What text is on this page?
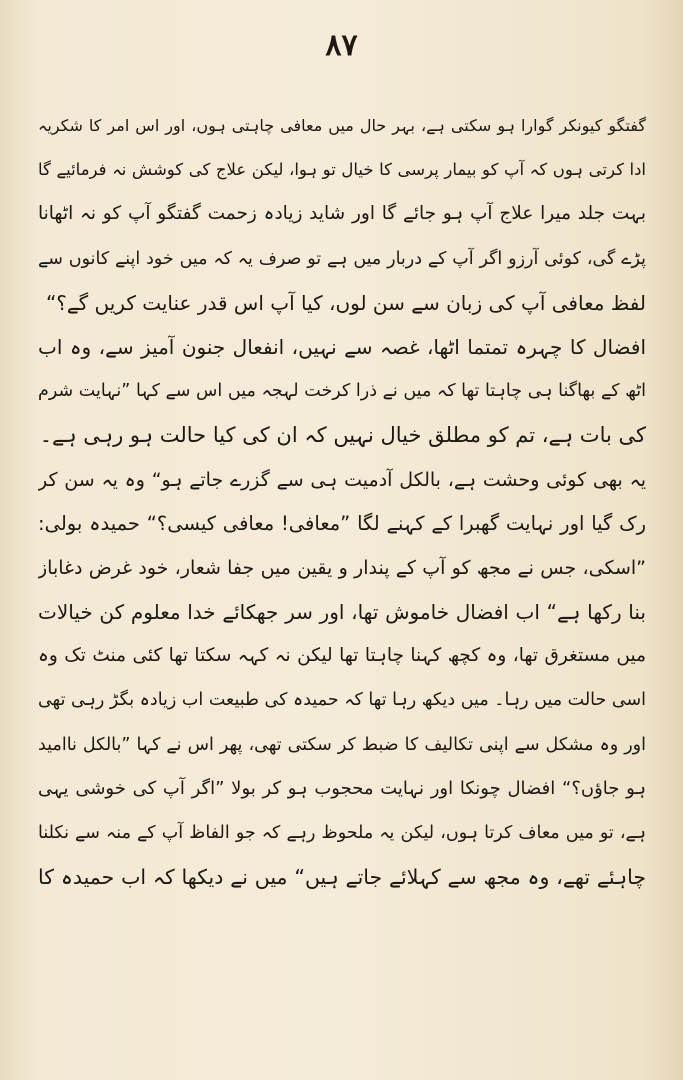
۸۷
گفتگو کیونکر گوارا ہو سکتی ہے، بہر حال میں معافی چاہتی ہوں، اور اس امر کا شکریہ
ادا کرتی ہوں کہ آپ کو بیمار پرسی کا خیال تو ہوا، لیکن علاج کی کوشش نہ فرمائیے گا
بہت جلد میرا علاج آپ ہو جائے گا اور شاید زیادہ زحمت گفتگو آپ کو نہ اٹھانا
پڑے گی، کوئی آرزو اگر آپ کے دربار میں ہے تو صرف یہ کہ میں خود اپنے کانوں سے
لفظ معافی آپ کی زبان سے سن لوں، کیا آپ اس قدر عنایت کریں گے؟“
افضال کا چہرہ تمتما اٹھا، غصہ سے نہیں، انفعال جنون آمیز سے، وہ اب
اٹھ کے بھاگنا ہی چاہتا تھا کہ میں نے ذرا کرخت لہجہ میں اس سے کہا ”نہایت شرم
کی بات ہے، تم کو مطلق خیال نہیں کہ ان کی کیا حالت ہو رہی ہے۔
یہ بھی کوئی وحشت ہے، بالکل آدمیت ہی سے گزرے جاتے ہو“ وہ یہ سن کر
رک گیا اور نہایت گھبرا کے کہنے لگا ”معافی! معافی کیسی؟“ حمیدہ بولی:
”اسکی، جس نے مجھ کو آپ کے پندار و یقین میں جفا شعار، خود غرض دغاباز
بنا رکھا ہے“ اب افضال خاموش تھا، اور سر جھکائے خدا معلوم کن خیالات
میں مستغرق تھا، وہ کچھ کہنا چاہتا تھا لیکن نہ کہہ سکتا تھا کئی منٹ تک وہ
اسی حالت میں رہا۔ میں دیکھ رہا تھا کہ حمیدہ کی طبیعت اب زیادہ بگڑ رہی تھی
اور وہ مشکل سے اپنی تکالیف کا ضبط کر سکتی تھی، پھر اس نے کہا ”بالکل ناامید
ہو جاؤں؟“ افضال چونکا اور نہایت محجوب ہو کر بولا ”اگر آپ کی خوشی یہی
ہے، تو میں معاف کرتا ہوں، لیکن یہ ملحوظ رہے کہ جو الفاظ آپ کے منہ سے نکلنا
چاہئے تھے، وہ مجھ سے کہلائے جاتے ہیں“ میں نے دیکھا کہ اب حمیدہ کا
